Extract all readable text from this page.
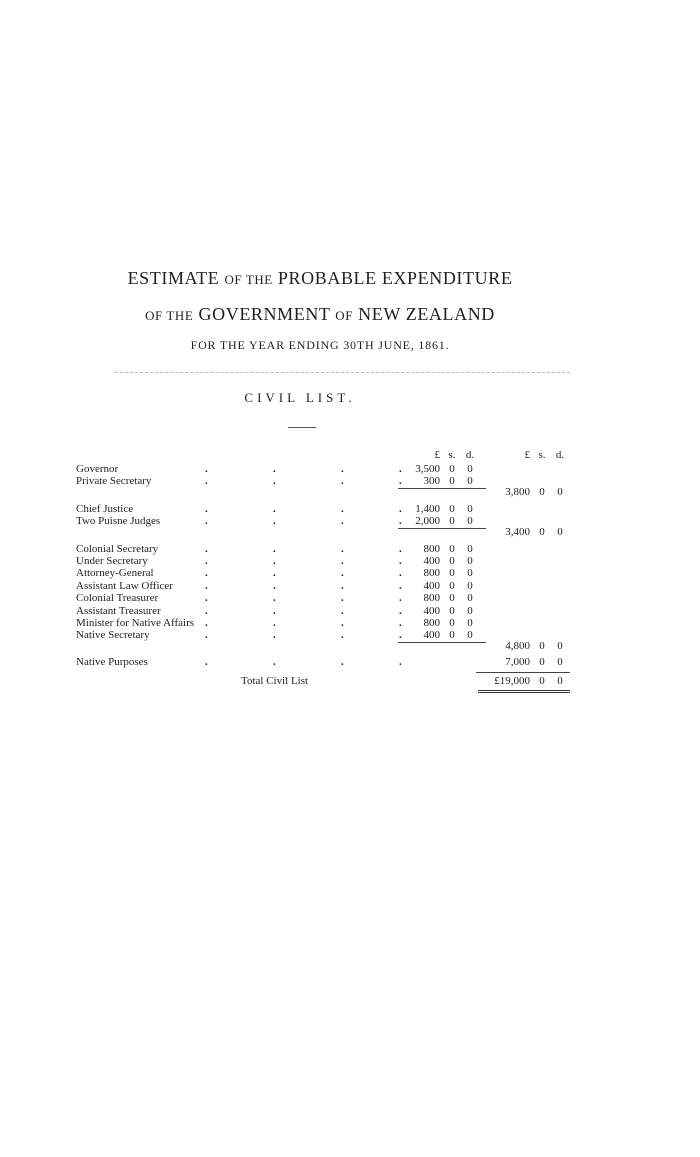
ESTIMATE OF THE PROBABLE EXPENDITURE
OF THE GOVERNMENT OF NEW ZEALAND
FOR THE YEAR ENDING 30TH JUNE, 1861.
CIVIL LIST.
£ s. d.	£ s. d.
Governor	.	.	.	.	3,500 0 0
Private Secretary	.	.	.	.	300 0 0
3,800 0 0
Chief Justice	.	.	.	.	1,400 0 0
Two Puisne Judges	.	.	.	.	2,000 0 0
3,400 0 0
Colonial Secretary	.	.	.	.	800 0 0
Under Secretary	.	.	.	.	400 0 0
Attorney-General	.	.	.	.	800 0 0
Assistant Law Officer	.	.	.	.	400 0 0
Colonial Treasurer	.	.	.	.	800 0 0
Assistant Treasurer	.	.	.	.	400 0 0
Minister for Native Affairs .	.	.	.	800 0 0
Native Secretary	.	.	.	.	400 0 0
4,800 0 0
Native Purposes	.	.	.	.	7,000 0 0
Total Civil List	£19,000 0 0
